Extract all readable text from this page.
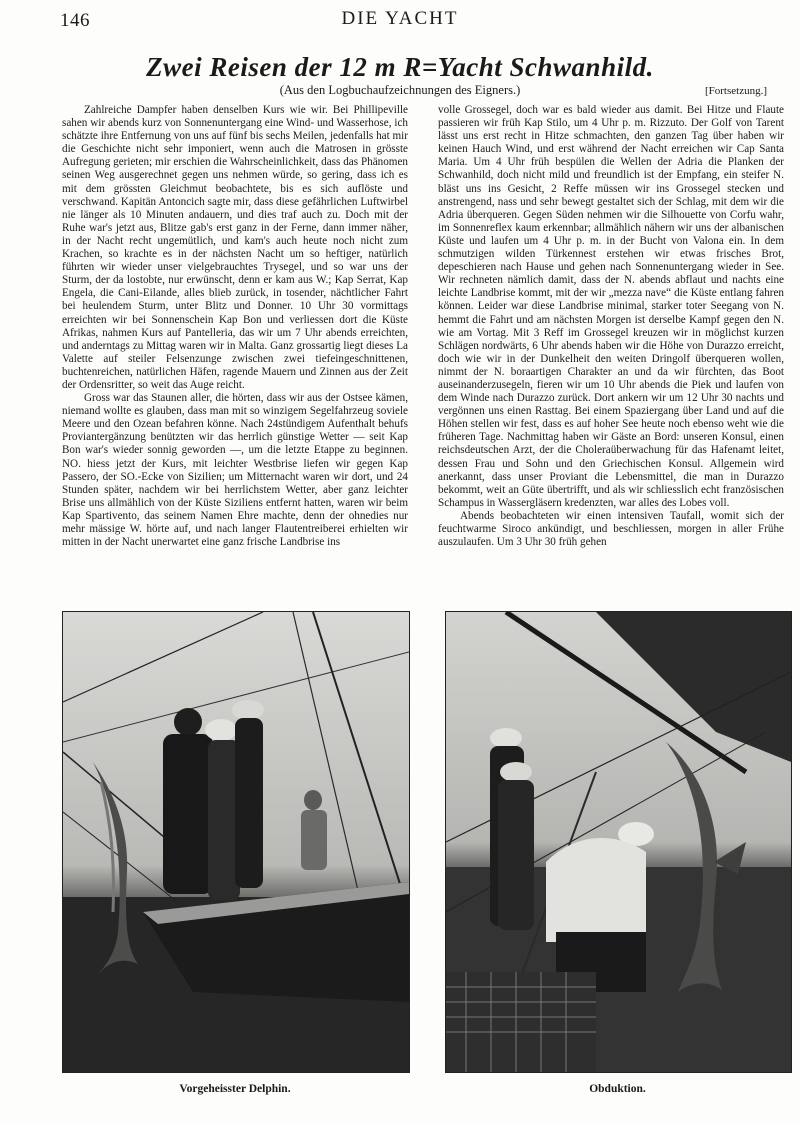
146	DIE YACHT
Zwei Reisen der 12 m R=Yacht Schwanhild.
(Aus den Logbuchaufzeichnungen des Eigners.)	[Fortsetzung.]

Zahlreiche Dampfer haben denselben Kurs wie wir. Bei Phillipeville sahen wir abends kurz von Sonnenuntergang eine Wind- und Wasserhose, ich schätzte ihre Entfernung von uns auf fünf bis sechs Meilen, jedenfalls hat mir die Geschichte nicht sehr imponiert, wenn auch die Matrosen in grösste Aufregung gerieten; mir erschien die Wahrscheinlichkeit, dass das Phänomen seinen Weg ausgerechnet gegen uns nehmen würde, so gering, dass ich es mit dem grössten Gleichmut beobachtete, bis es sich auflöste und verschwand. Kapitän Antoncich sagte mir, dass diese gefährlichen Luftwirbel nie länger als 10 Minuten andauern, und dies traf auch zu. Doch mit der Ruhe war's jetzt aus, Blitze gab's erst ganz in der Ferne, dann immer näher, in der Nacht recht ungemütlich, und kam's auch heute noch nicht zum Krachen, so krachte es in der nächsten Nacht um so heftiger, natürlich führten wir wieder unser vielgebrauchtes Trysegel, und so war uns der Sturm, der da lostobte, nur erwünscht, denn er kam aus W.; Kap Serrat, Kap Engela, die Cani-Eilande, alles blieb zurück, in tosender, nächtlicher Fahrt bei heulendem Sturm, unter Blitz und Donner. 10 Uhr 30 vormittags erreichten wir bei Sonnenschein Kap Bon und verliessen dort die Küste Afrikas, nahmen Kurs auf Pantelleria, das wir um 7 Uhr abends erreichten, und anderntags zu Mittag waren wir in Malta. Ganz grossartig liegt dieses La Valette auf steiler Felsenzunge zwischen zwei tiefeingeschnittenen, buchtenreichen, natürlichen Häfen, ragende Mauern und Zinnen aus der Zeit der Ordensritter, so weit das Auge reicht.

Gross war das Staunen aller, die hörten, dass wir aus der Ostsee kämen, niemand wollte es glauben, dass man mit so winzigem Segelfahrzeug soviele Meere und den Ozean befahren könne. Nach 24stündigem Aufenthalt behufs Proviantergänzung benützten wir das herrlich günstige Wetter — seit Kap Bon war's wieder sonnig geworden —, um die letzte Etappe zu beginnen. NO. hiess jetzt der Kurs, mit leichter Westbrise liefen wir gegen Kap Passero, der SO.-Ecke von Sizilien; um Mitternacht waren wir dort, und 24 Stunden später, nachdem wir bei herrlichstem Wetter, aber ganz leichter Brise uns allmählich von der Küste Siziliens entfernt hatten, waren wir beim Kap Spartivento, das seinem Namen Ehre machte, denn der ohnedies nur mehr mässige W. hörte auf, und nach langer Flautentreiberei erhielten wir mitten in der Nacht unerwartet eine ganz frische Landbrise ins

volle Grossegel, doch war es bald wieder aus damit. Bei Hitze und Flaute passieren wir früh Kap Stilo, um 4 Uhr p. m. Rizzuto. Der Golf von Tarent lässt uns erst recht in Hitze schmachten, den ganzen Tag über haben wir keinen Hauch Wind, und erst während der Nacht erreichen wir Cap Santa Maria. Um 4 Uhr früh bespülen die Wellen der Adria die Planken der Schwanhild, doch nicht mild und freundlich ist der Empfang, ein steifer N. bläst uns ins Gesicht, 2 Reffe müssen wir ins Grossegel stecken und anstrengend, nass und sehr bewegt gestaltet sich der Schlag, mit dem wir die Adria überqueren. Gegen Süden nehmen wir die Silhouette von Corfu wahr, im Sonnenreflex kaum erkennbar; allmählich nähern wir uns der albanischen Küste und laufen um 4 Uhr p. m. in der Bucht von Valona ein. In dem schmutzigen wilden Türkennest erstehen wir etwas frisches Brot, depeschieren nach Hause und gehen nach Sonnenuntergang wieder in See. Wir rechneten nämlich damit, dass der N. abends abflaut und nachts eine leichte Landbrise kommt, mit der wir „mezza nave“ die Küste entlang fahren können. Leider war diese Landbrise minimal, starker toter Seegang von N. hemmt die Fahrt und am nächsten Morgen ist derselbe Kampf gegen den N. wie am Vortag. Mit 3 Reff im Grossegel kreuzen wir in möglichst kurzen Schlägen nordwärts, 6 Uhr abends haben wir die Höhe von Durazzo erreicht, doch wie wir in der Dunkelheit den weiten Dringolf überqueren wollen, nimmt der N. boraartigen Charakter an und da wir fürchten, das Boot auseinanderzusegeln, fieren wir um 10 Uhr abends die Piek und laufen von dem Winde nach Durazzo zurück. Dort ankern wir um 12 Uhr 30 nachts und vergönnen uns einen Rasttag. Bei einem Spaziergang über Land und auf die Höhen stellen wir fest, dass es auf hoher See heute noch ebenso weht wie die früheren Tage. Nachmittag haben wir Gäste an Bord: unseren Konsul, einen reichsdeutschen Arzt, der die Choleraüberwachung für das Hafenamt leitet, dessen Frau und Sohn und den Griechischen Konsul. Allgemein wird anerkannt, dass unser Proviant die Lebensmittel, die man in Durazzo bekommt, weit an Güte übertrifft, und als wir schliesslich echt französischen Schampus in Wassergläsern kredenzten, war alles des Lobes voll.

Abends beobachteten wir einen intensiven Taufall, womit sich der feuchtwarme Siroco ankündigt, und beschliessen, morgen in aller Frühe auszulaufen. Um 3 Uhr 30 früh gehen

Vorgeheisster Delphin.	Obduktion.
